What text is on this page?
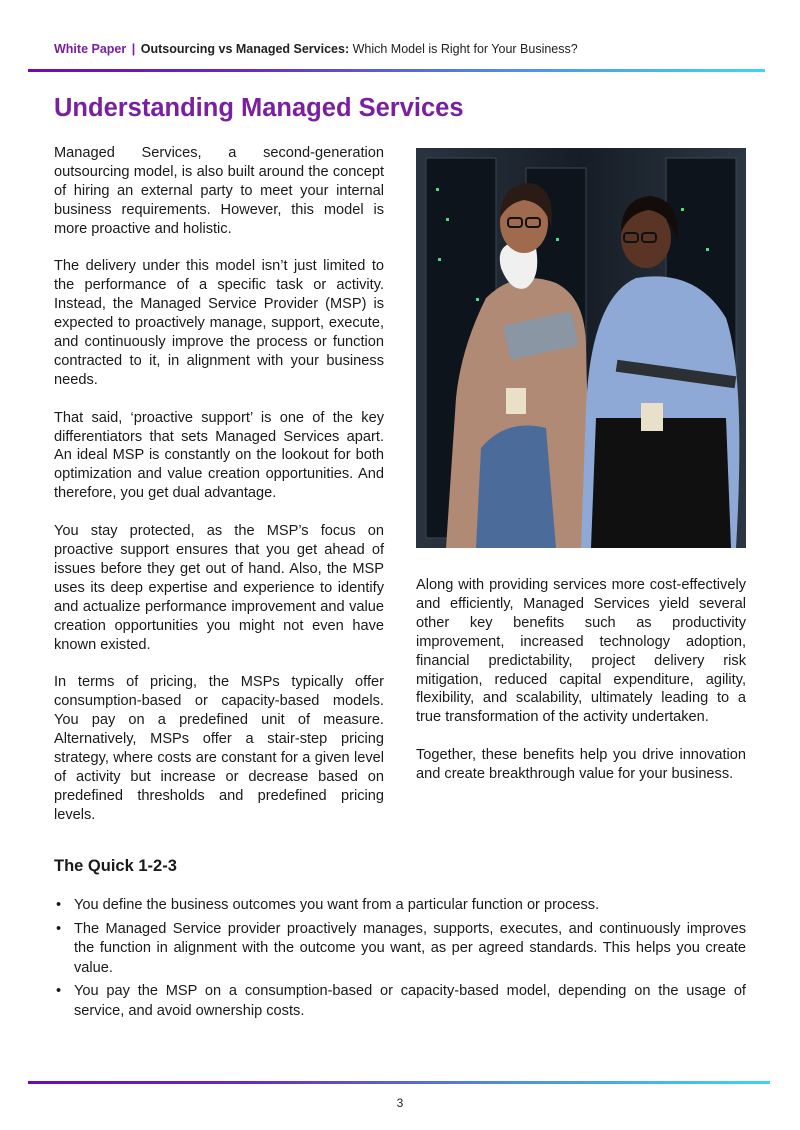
White Paper | Outsourcing vs Managed Services: Which Model is Right for Your Business?
Understanding Managed Services

Managed Services, a second-generation outsourcing model, is also built around the concept of hiring an external party to meet your internal business requirements. However, this model is more proactive and holistic.

The delivery under this model isn’t just limited to the performance of a specific task or activity. Instead, the Managed Service Provider (MSP) is expected to proactively manage, support, execute, and continuously improve the process or function contracted to it, in alignment with your business needs.

That said, ‘proactive support’ is one of the key differentiators that sets Managed Services apart. An ideal MSP is constantly on the lookout for both optimization and value creation opportunities. And therefore, you get dual advantage.

You stay protected, as the MSP’s focus on proactive support ensures that you get ahead of issues before they get out of hand. Also, the MSP uses its deep expertise and experience to identify and actualize performance improvement and value creation opportunities you might not even have known existed.

In terms of pricing, the MSPs typically offer consumption-based or capacity-based models. You pay on a predefined unit of measure. Alternatively, MSPs offer a stair-step pricing strategy, where costs are constant for a given level of activity but increase or decrease based on predefined thresholds and predefined pricing levels.

Along with providing services more cost-effectively and efficiently, Managed Services yield several other key benefits such as productivity improvement, increased technology adoption, financial predictability, project delivery risk mitigation, reduced capital expenditure, agility, flexibility, and scalability, ultimately leading to a true transformation of the activity undertaken.

Together, these benefits help you drive innovation and create breakthrough value for your business.

The Quick 1-2-3
• You define the business outcomes you want from a particular function or process.
• The Managed Service provider proactively manages, supports, executes, and continuously improves the function in alignment with the outcome you want, as per agreed standards. This helps you create value.
• You pay the MSP on a consumption-based or capacity-based model, depending on the usage of service, and avoid ownership costs.
3
